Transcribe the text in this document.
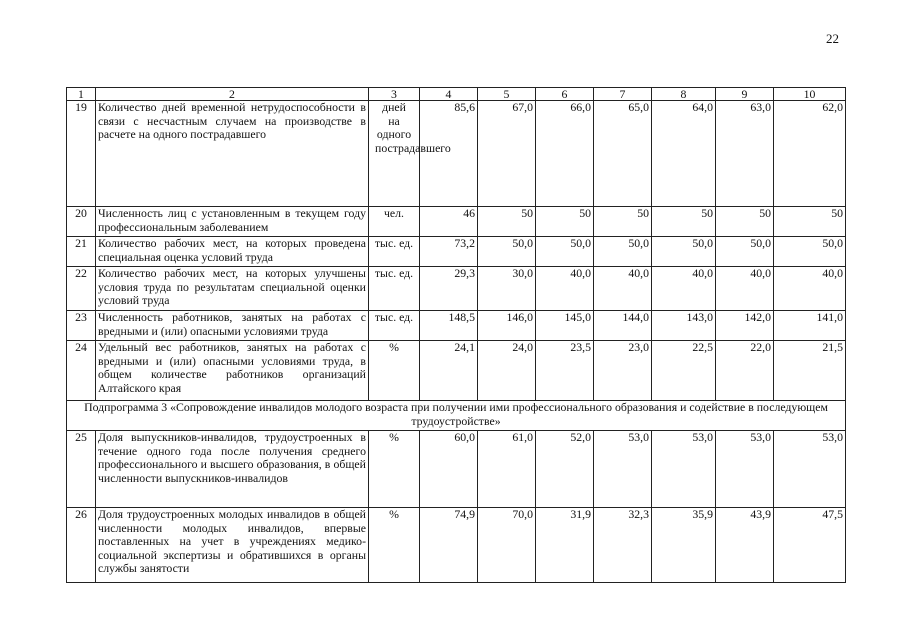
22
1	2	3	4	5	6	7	8	9	10
19	Количество дней временной нетрудоспособности в связи с несчастным случаем на производстве в расчете на одного пострадавшего	дней на одного пострадавшего	85,6	67,0	66,0	65,0	64,0	63,0	62,0
20	Численность лиц с установленным в текущем году профессиональным заболеванием	чел.	46	50	50	50	50	50	50
21	Количество рабочих мест, на которых проведена специальная оценка условий труда	тыс. ед.	73,2	50,0	50,0	50,0	50,0	50,0	50,0
22	Количество рабочих мест, на которых улучшены условия труда по результатам специальной оценки условий труда	тыс. ед.	29,3	30,0	40,0	40,0	40,0	40,0	40,0
23	Численность работников, занятых на работах с вредными и (или) опасными условиями труда	тыс. ед.	148,5	146,0	145,0	144,0	143,0	142,0	141,0
24	Удельный вес работников, занятых на работах с вредными и (или) опасными условиями труда, в общем количестве работников организаций Алтайского края	%	24,1	24,0	23,5	23,0	22,5	22,0	21,5
Подпрограмма 3 «Сопровождение инвалидов молодого возраста при получении ими профессионального образования и содействие в последующем трудоустройстве»									
25	Доля выпускников-инвалидов, трудоустроенных в течение одного года после получения среднего профессионального и высшего образования, в общей численности выпускников-инвалидов	%	60,0	61,0	52,0	53,0	53,0	53,0	53,0
26	Доля трудоустроенных молодых инвалидов в общей численности молодых инвалидов, впервые поставленных на учет в учреждениях медико-социальной экспертизы и обратившихся в органы службы занятости	%	74,9	70,0	31,9	32,3	35,9	43,9	47,5
